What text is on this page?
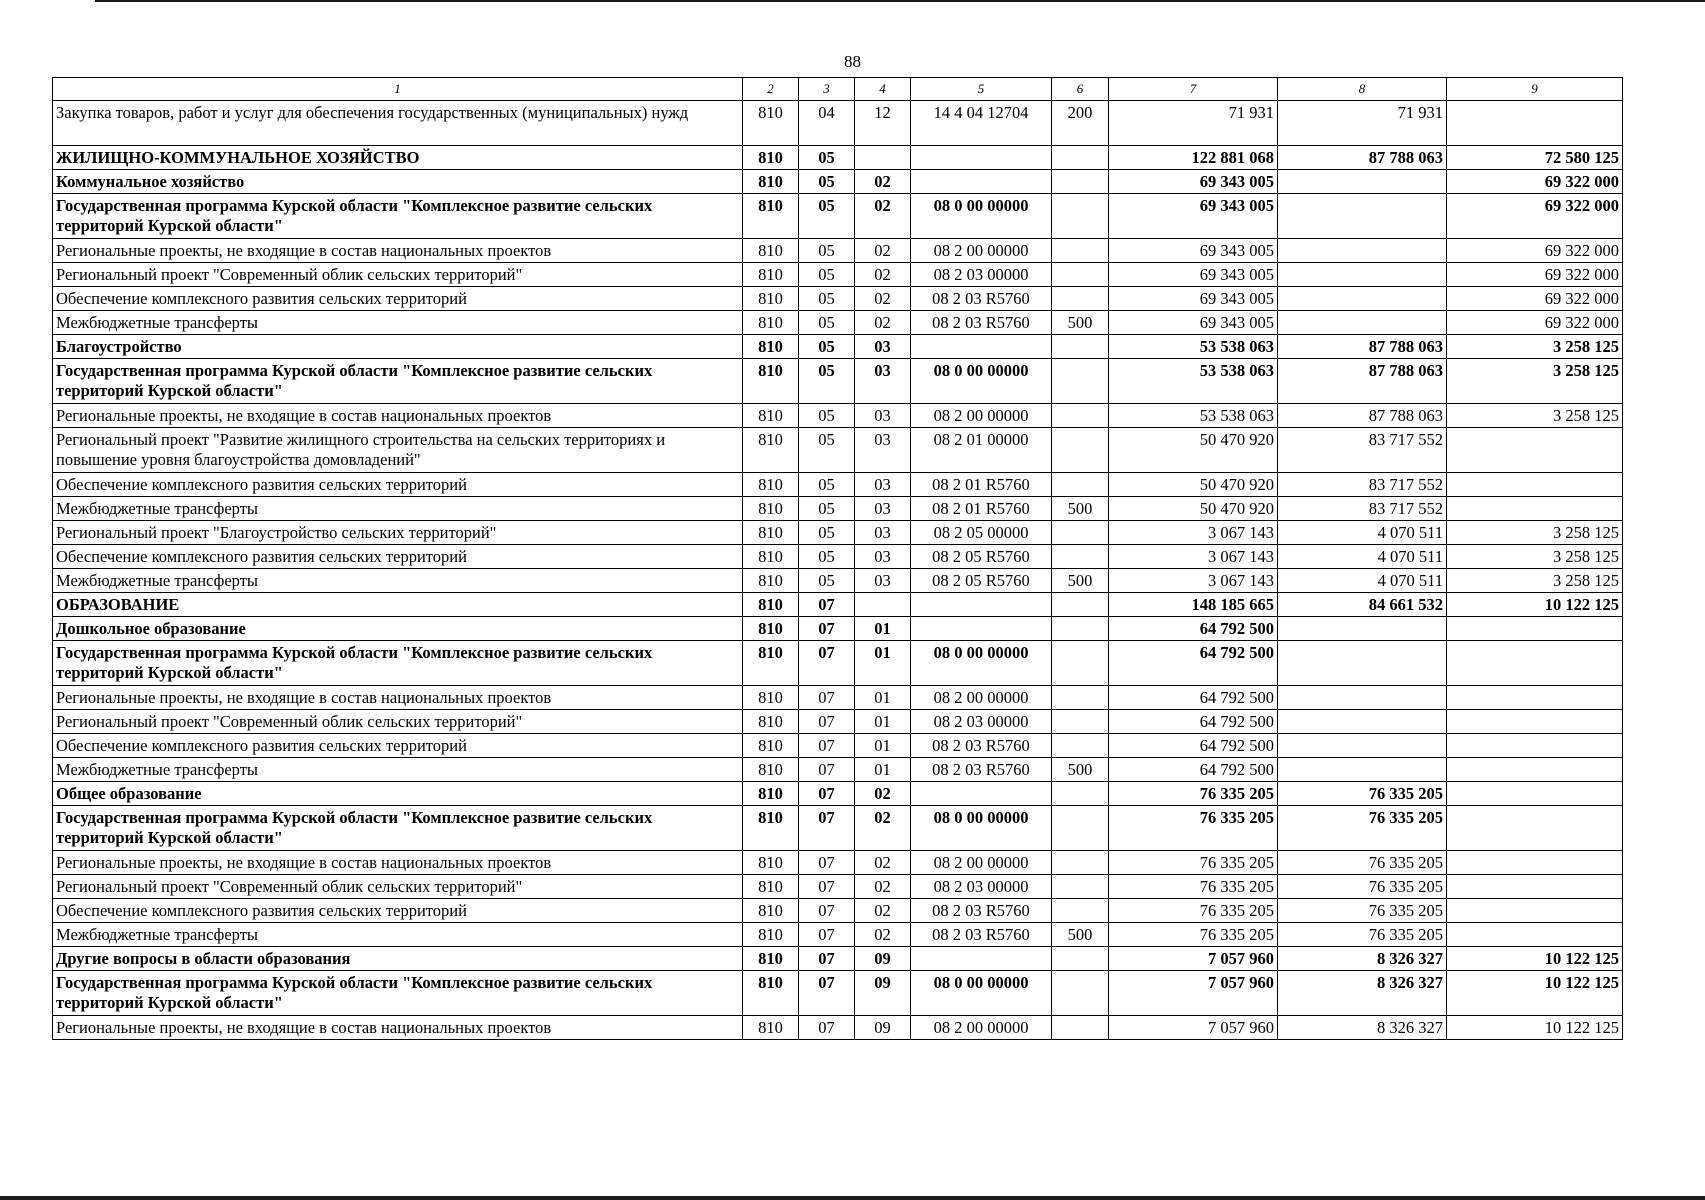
88
1	2	3	4	5	6	7	8	9
Закупка товаров, работ и услуг для обеспечения государственных (муниципальных) нужд	810	04	12	14 4 04 12704	200	71 931	71 931	
ЖИЛИЩНО-КОММУНАЛЬНОЕ ХОЗЯЙСТВО	810	05				122 881 068	87 788 063	72 580 125
Коммунальное хозяйство	810	05	02			69 343 005		69 322 000
Государственная программа Курской области "Комплексное развитие сельских территорий Курской области"	810	05	02	08 0 00 00000		69 343 005		69 322 000
Региональные проекты, не входящие в состав национальных проектов	810	05	02	08 2 00 00000		69 343 005		69 322 000
Региональный проект "Современный облик сельских территорий"	810	05	02	08 2 03 00000		69 343 005		69 322 000
Обеспечение комплексного развития сельских территорий	810	05	02	08 2 03 R5760		69 343 005		69 322 000
Межбюджетные трансферты	810	05	02	08 2 03 R5760	500	69 343 005		69 322 000
Благоустройство	810	05	03			53 538 063	87 788 063	3 258 125
Государственная программа Курской области "Комплексное развитие сельских территорий Курской области"	810	05	03	08 0 00 00000		53 538 063	87 788 063	3 258 125
Региональные проекты, не входящие в состав национальных проектов	810	05	03	08 2 00 00000		53 538 063	87 788 063	3 258 125
Региональный проект "Развитие жилищного строительства на сельских территориях и повышение уровня благоустройства домовладений"	810	05	03	08 2 01 00000		50 470 920	83 717 552	
Обеспечение комплексного развития сельских территорий	810	05	03	08 2 01 R5760		50 470 920	83 717 552	
Межбюджетные трансферты	810	05	03	08 2 01 R5760	500	50 470 920	83 717 552	
Региональный проект "Благоустройство сельских территорий"	810	05	03	08 2 05 00000		3 067 143	4 070 511	3 258 125
Обеспечение комплексного развития сельских территорий	810	05	03	08 2 05 R5760		3 067 143	4 070 511	3 258 125
Межбюджетные трансферты	810	05	03	08 2 05 R5760	500	3 067 143	4 070 511	3 258 125
ОБРАЗОВАНИЕ	810	07				148 185 665	84 661 532	10 122 125
Дошкольное образование	810	07	01			64 792 500		
Государственная программа Курской области "Комплексное развитие сельских территорий Курской области"	810	07	01	08 0 00 00000		64 792 500		
Региональные проекты, не входящие в состав национальных проектов	810	07	01	08 2 00 00000		64 792 500		
Региональный проект "Современный облик сельских территорий"	810	07	01	08 2 03 00000		64 792 500		
Обеспечение комплексного развития сельских территорий	810	07	01	08 2 03 R5760		64 792 500		
Межбюджетные трансферты	810	07	01	08 2 03 R5760	500	64 792 500		
Общее образование	810	07	02			76 335 205	76 335 205	
Государственная программа Курской области "Комплексное развитие сельских территорий Курской области"	810	07	02	08 0 00 00000		76 335 205	76 335 205	
Региональные проекты, не входящие в состав национальных проектов	810	07	02	08 2 00 00000		76 335 205	76 335 205	
Региональный проект "Современный облик сельских территорий"	810	07	02	08 2 03 00000		76 335 205	76 335 205	
Обеспечение комплексного развития сельских территорий	810	07	02	08 2 03 R5760		76 335 205	76 335 205	
Межбюджетные трансферты	810	07	02	08 2 03 R5760	500	76 335 205	76 335 205	
Другие вопросы в области образования	810	07	09			7 057 960	8 326 327	10 122 125
Государственная программа Курской области "Комплексное развитие сельских территорий Курской области"	810	07	09	08 0 00 00000		7 057 960	8 326 327	10 122 125
Региональные проекты, не входящие в состав национальных проектов	810	07	09	08 2 00 00000		7 057 960	8 326 327	10 122 125
